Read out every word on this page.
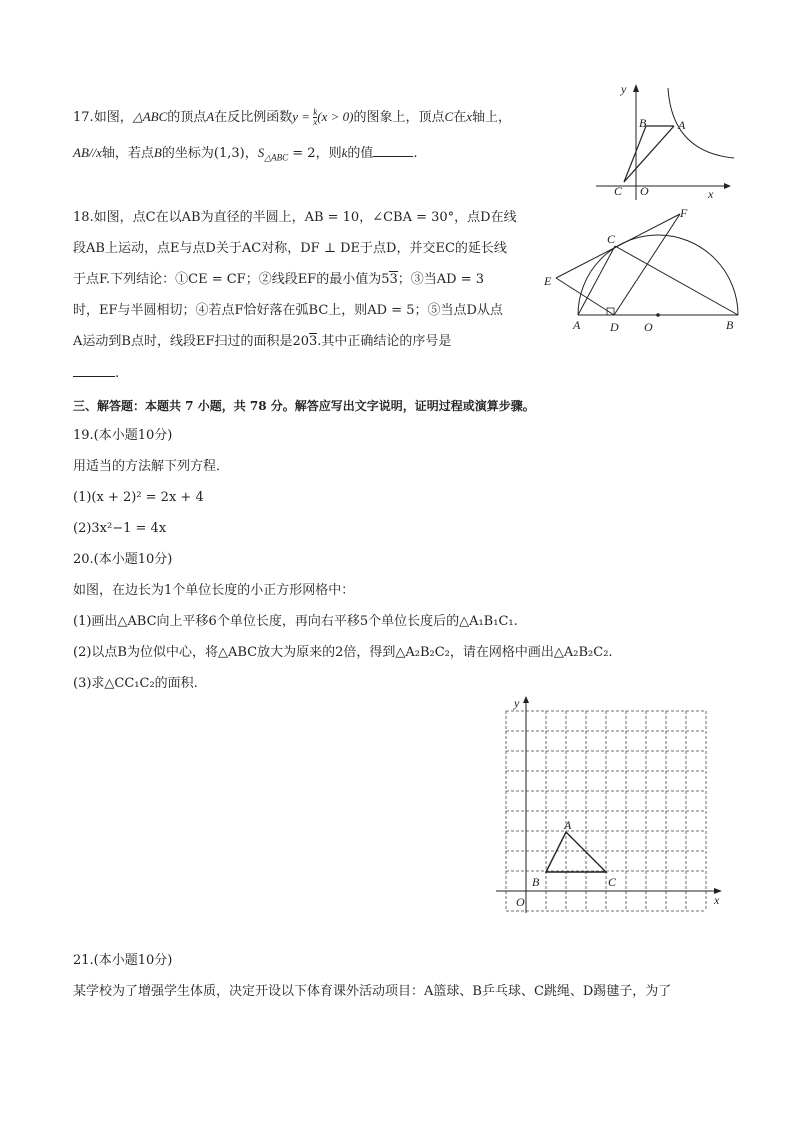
17.如图，△ABC的顶点A在反比例函数$y = \frac{k}{x} (x > 0)$的图象上，顶点C在x轴上，
AB//x轴，若点B的坐标为(1,3)，$S_{\triangle ABC} = 2$，则k的值	.
y
B	A
C O	x
18.如图，点C在以AB为直径的半圆上，AB = 10，∠CBA = 30°，点D在线
段AB上运动，点E与点D关于AC对称，DF ⊥ DE于点D，并交EC的延长线
于点F.下列结论：①CE = CF；②线段EF的最小值为53；③当AD = 3
时，EF与半圆相切；④若点F恰好落在弧BC上，则AD = 5；⑤当点D从点
A运动到B点时，线段EF扫过的面积是203.其中正确结论的序号是
.
C
F
E
A D O	B
三、解答题：本题共 7 小题，共 78 分。解答应写出文字说明，证明过程或演算步骤。
19.(本小题10分)
用适当的方法解下列方程．
(1)(x + 2)² = 2x + 4
(2)3x²−1 = 4x
20.(本小题10分)
如图，在边长为1个单位长度的小正方形网格中：
(1)画出△ABC向上平移6个单位长度，再向右平移5个单位长度后的△A₁B₁C₁.
(2)以点B为位似中心，将△ABC放大为原来的2倍，得到△A₂B₂C₂，请在网格中画出△A₂B₂C₂.
(3)求△CC₁C₂的面积.
y
A
B	C
O	x
21.(本小题10分)
某学校为了增强学生体质，决定开设以下体育课外活动项目：A篮球、B乒乓球、C跳绳、D踢毽子，为了
